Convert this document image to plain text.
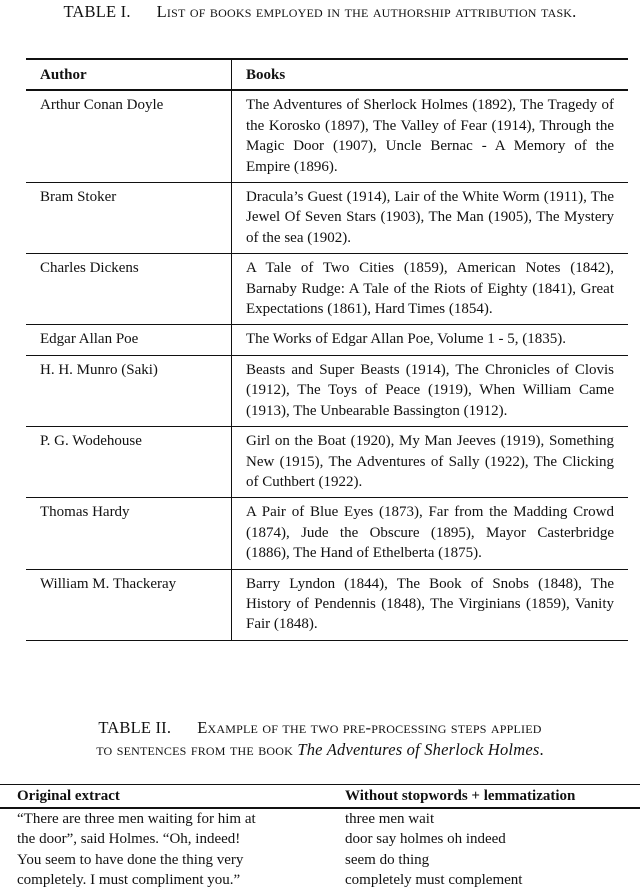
TABLE I. List of books employed in the authorship attribution task.
Author	Books
Arthur Conan Doyle	The Adventures of Sherlock Holmes (1892), The Tragedy of the Korosko (1897), The Valley of Fear (1914), Through the Magic Door (1907), Uncle Bernac - A Memory of the Empire (1896).
Bram Stoker	Dracula’s Guest (1914), Lair of the White Worm (1911), The Jewel Of Seven Stars (1903), The Man (1905), The Mystery of the sea (1902).
Charles Dickens	A Tale of Two Cities (1859), American Notes (1842), Barnaby Rudge: A Tale of the Riots of Eighty (1841), Great Expectations (1861), Hard Times (1854).
Edgar Allan Poe	The Works of Edgar Allan Poe, Volume 1 - 5, (1835).
H. H. Munro (Saki)	Beasts and Super Beasts (1914), The Chronicles of Clovis (1912), The Toys of Peace (1919), When William Came (1913), The Unbearable Bassington (1912).
P. G. Wodehouse	Girl on the Boat (1920), My Man Jeeves (1919), Something New (1915), The Adventures of Sally (1922), The Clicking of Cuthbert (1922).
Thomas Hardy	A Pair of Blue Eyes (1873), Far from the Madding Crowd (1874), Jude the Obscure (1895), Mayor Casterbridge (1886), The Hand of Ethelberta (1875).
William M. Thackeray	Barry Lyndon (1844), The Book of Snobs (1848), The History of Pendennis (1848), The Virginians (1859), Vanity Fair (1848).
TABLE II. Example of the two pre-processing steps applied
to sentences from the book The Adventures of Sherlock Holmes.
Original extract	Without stopwords + lemmatization
“There are three men waiting for him at	three men wait
the door”, said Holmes. “Oh, indeed!	door say holmes oh indeed
You seem to have done the thing very	seem do thing
completely. I must compliment you.”	completely must complement
